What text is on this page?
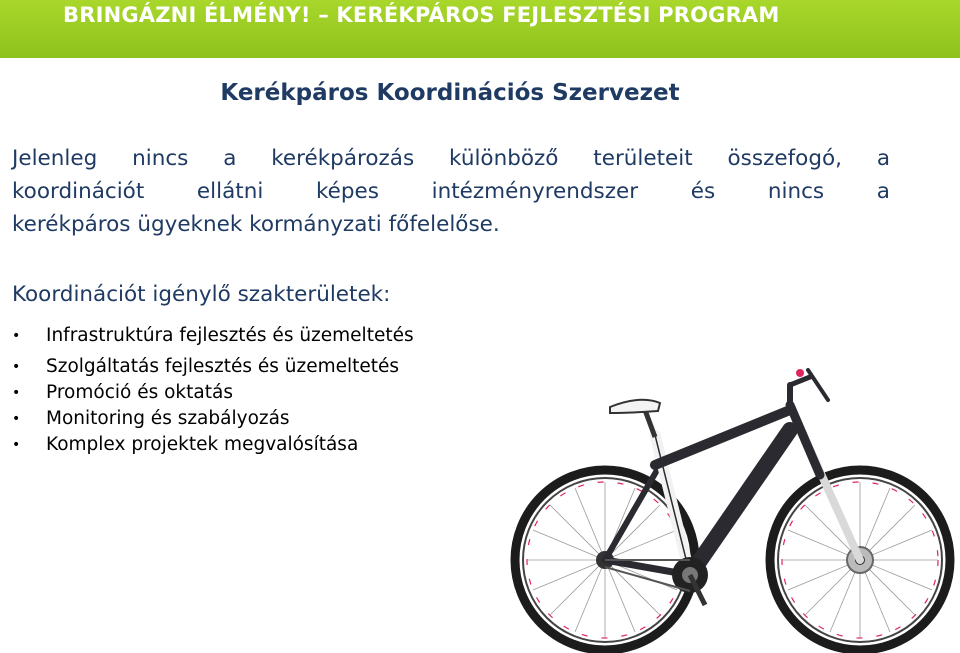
BRINGÁZNI ÉLMÉNY! – KERÉKPÁROS FEJLESZTÉSI PROGRAM
Kerékpáros Koordinációs Szervezet
Jelenleg nincs a kerékpározás különböző területeit összefogó, a
koordinációt ellátni képes intézményrendszer és nincs a
kerékpáros ügyeknek kormányzati főfelelőse.
Koordinációt igénylő szakterületek:
• Infrastruktúra fejlesztés és üzemeltetés
• Szolgáltatás fejlesztés és üzemeltetés
• Promóció és oktatás
• Monitoring és szabályozás
• Komplex projektek megvalósítása
